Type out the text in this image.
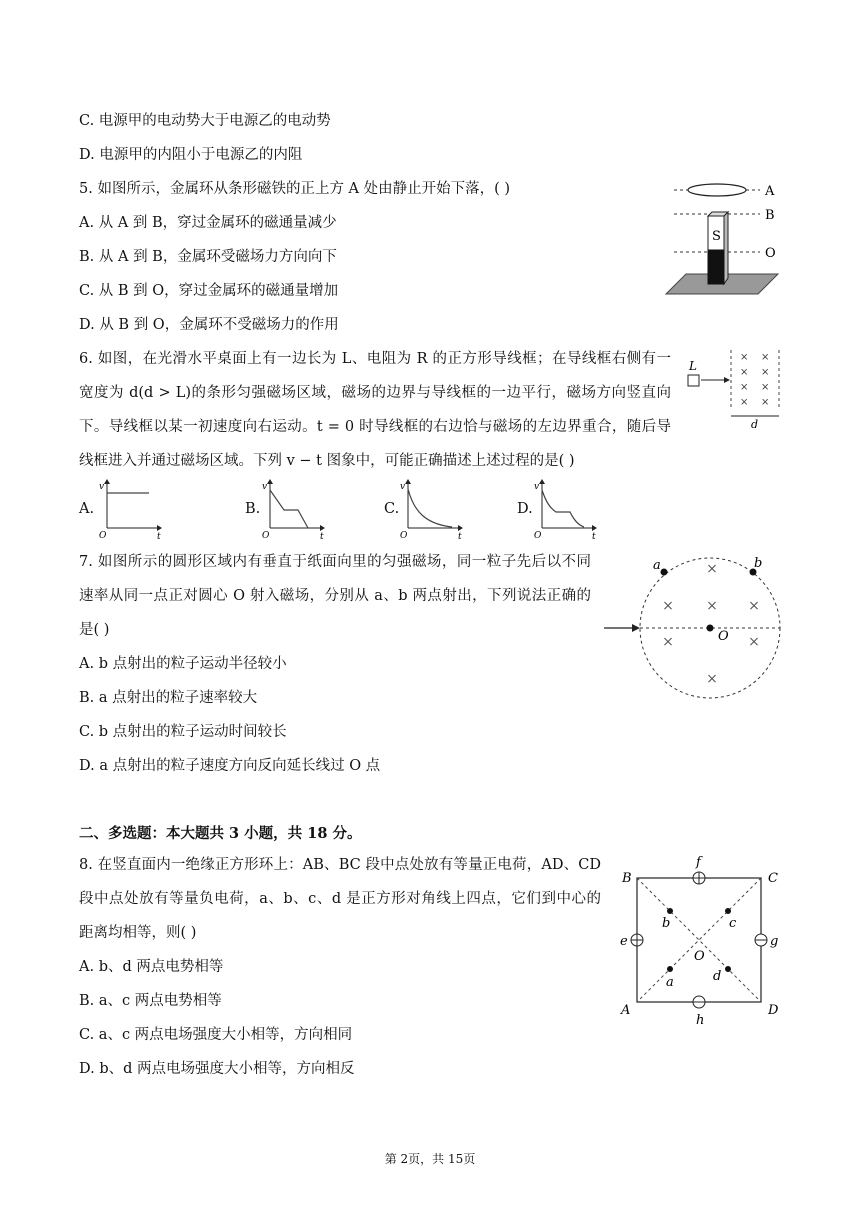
C. 电源甲的电动势大于电源乙的电动势
D. 电源甲的内阻小于电源乙的内阻
5. 如图所示，金属环从条形磁铁的正上方 A 处由静止开始下落，( )
A. 从 A 到 B，穿过金属环的磁通量减少
B. 从 A 到 B，金属环受磁场力方向向下
C. 从 B 到 O，穿过金属环的磁通量增加
D. 从 B 到 O，金属环不受磁场力的作用
S
A
B
O
6. 如图，在光滑水平桌面上有一边长为 L、电阻为 R 的正方形导线框；在导线框右侧有一
宽度为 d(d > L)的条形匀强磁场区域，磁场的边界与导线框的一边平行，磁场方向竖直向
下。导线框以某一初速度向右运动。t = 0 时导线框的右边恰与磁场的左边界重合，随后导
线框进入并通过磁场区域。下列 v − t 图象中，可能正确描述上述过程的是( )
L
× ×
× ×
× ×
× ×
d
A.	B.	C.	D.
v
O	t
v
O	t
v
O	t
v
O	t
7. 如图所示的圆形区域内有垂直于纸面向里的匀强磁场，同一粒子先后以不同
速率从同一点正对圆心 O 射入磁场，分别从 a、b 两点射出，下列说法正确的
是( )
A. b 点射出的粒子运动半径较小
B. a 点射出的粒子速率较大
C. b 点射出的粒子运动时间较长
D. a 点射出的粒子速度方向反向延长线过 O 点
×
× × ×
×	×
×
a	b
O
二、多选题：本大题共 3 小题，共 18 分。
8. 在竖直面内一绝缘正方形环上：AB、BC 段中点处放有等量正电荷，AD、CD
段中点处放有等量负电荷，a、b、c、d 是正方形对角线上四点，它们到中心的
距离均相等，则( )
A. b、d 两点电势相等
B. a、c 两点电势相等
C. a、c 两点电场强度大小相等，方向相同
D. b、d 两点电场强度大小相等，方向相反
B	C
A	D
b	c
a	d
e
f
g
h
O
第 2页，共 15页
